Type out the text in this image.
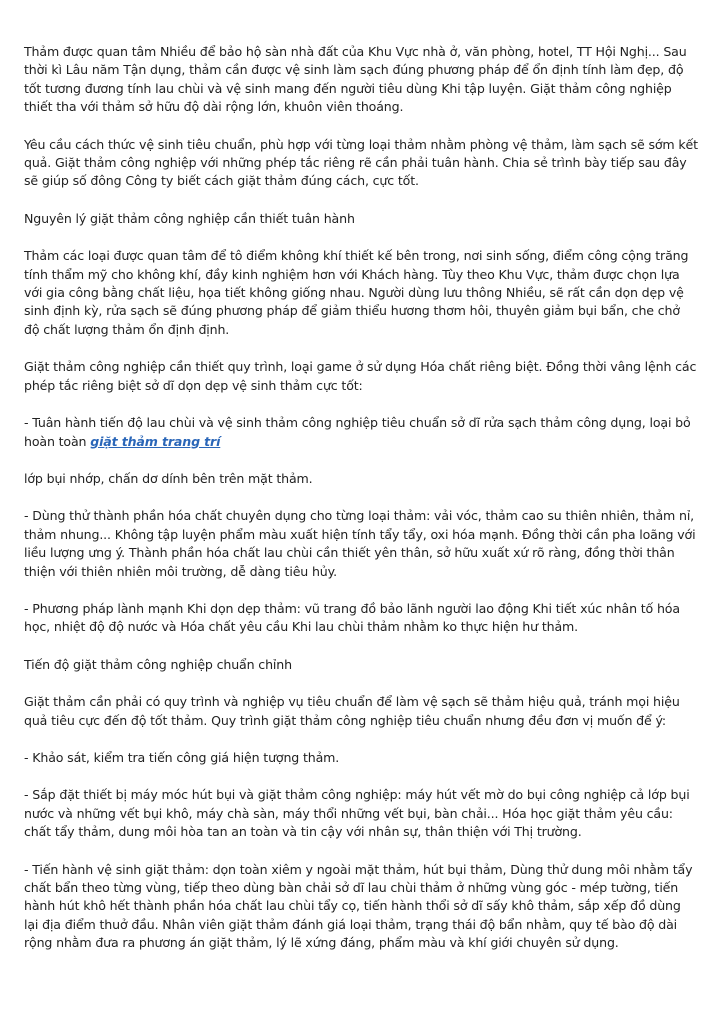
Thảm được quan tâm Nhiều để bảo hộ sàn nhà đất của Khu Vực nhà ở, văn phòng, hotel, TT Hội Nghị... Sau thời kì Lâu năm Tận dụng, thảm cần được vệ sinh làm sạch đúng phương pháp để ổn định tính làm đẹp, độ tốt tương đương tính lau chùi và vệ sinh mang đến người tiêu dùng Khi tập luyện. Giặt thảm công nghiệp thiết tha với thảm sở hữu độ dài rộng lớn, khuôn viên thoáng.

Yêu cầu cách thức vệ sinh tiêu chuẩn, phù hợp với từng loại thảm nhằm phòng vệ thảm, làm sạch sẽ sớm kết quả. Giặt thảm công nghiệp với những phép tắc riêng rẽ cần phải tuân hành. Chia sẻ trình bày tiếp sau đây sẽ giúp số đông Công ty biết cách giặt thảm đúng cách, cực tốt.

Nguyên lý giặt thảm công nghiệp cần thiết tuân hành

Thảm các loại được quan tâm để tô điểm không khí thiết kế bên trong, nơi sinh sống, điểm công cộng trăng tính thẩm mỹ cho không khí, đầy kinh nghiệm hơn với Khách hàng. Tùy theo Khu Vực, thảm được chọn lựa với gia công bằng chất liệu, họa tiết không giống nhau. Người dùng lưu thông Nhiều, sẽ rất cần dọn dẹp vệ sinh định kỳ, rửa sạch sẽ đúng phương pháp để giảm thiểu hương thơm hôi, thuyên giảm bụi bẩn, che chở độ chất lượng thảm ổn định định.

Giặt thảm công nghiệp cần thiết quy trình, loạ̣i game ở sử dụng Hóa chất riêng biệt. Đồng thời vâng lệnh các phép tắc riêng biệt sở dĩ dọn dẹp vệ sinh thảm cực tốt:

- Tuân hành tiến độ lau chùi và vệ sinh thảm công nghiệp tiêu chuẩn sở dĩ rửa sạch thảm công dụng, loại bỏ hoàn toàn giặt thảm trang trí

lớp bụi nhớp, chấn dơ dính bên trên mặt thảm.

- Dùng thử thành phần hóa chất chuyên dụng cho từng loại thảm: vải vóc, thảm cao su thiên nhiên, thảm nỉ, thảm nhung... Không tập luyện phẩm màu xuất hiện tính tẩy tẩy, oxi hóa mạnh. Đồng thời cần pha loãng với liều lượng ưng ý. Thành phần hóa chất lau chùi cần thiết yên thân, sở hữu xuất xứ rõ ràng, đồng thời thân thiện với thiên nhiên môi trường, dễ dàng tiêu hủy.

- Phương pháp lành mạnh Khi dọn dẹp thảm: vũ trang đồ bảo lãnh người lao động Khi tiết xúc nhân tố hóa học, nhiệt độ độ nước và Hóa chất yêu cầu Khi lau chùi thảm nhằm ko thực hiện hư thảm.

Tiến độ giặt thảm công nghiệp chuẩn chỉnh

Giặt thảm cần phải có quy trình và nghiệp vụ tiêu chuẩn để làm vệ sạch sẽ thảm hiệu quả, tránh mọi hiệu quả tiêu cực đến độ tốt thảm. Quy trình giặt thảm công nghiệp tiêu chuẩn nhưng đều đơn vị muốn để ý:

- Khảo sát, kiểm tra tiến công giá hiện tượng thảm.

- Sắp đặt thiết bị máy móc hút bụi và giặt thảm công nghiệp: máy hút vết mờ do bụi công nghiệp cả lớp bụi nước và những vết bụi khô, máy chà sàn, máy thổi những vết bụi, bàn chải... Hóa học giặt thảm yêu cầu: chất tẩy thảm, dung môi hòa tan an toàn và tin cậy với nhân sự, thân thiện với Thị trường.

- Tiến hành vệ sinh giặt thảm: dọn toàn xiêm y ngoài mặt thảm, hút bụi thảm, Dùng thử dung môi nhằm tẩy chất bẩn theo từng vùng, tiếp theo dùng bàn chải sở dĩ lau chùi thảm ở những vùng góc - mép tường, tiến hành hút khô hết thành phần hóa chất lau chùi tẩy cọ, tiến hành thổi sở dĩ sấy khô thảm, sắp xếp đồ dùng lại địa điểm thuở đầu. Nhân viên giặt thảm đánh giá loại thảm, trạng thái độ bẩn nhằm, quy tế bào độ dài rộng nhằm đưa ra phương án giặt thảm, lý lẽ xứng đáng, phẩm màu và khí giới chuyên sử dụng.
